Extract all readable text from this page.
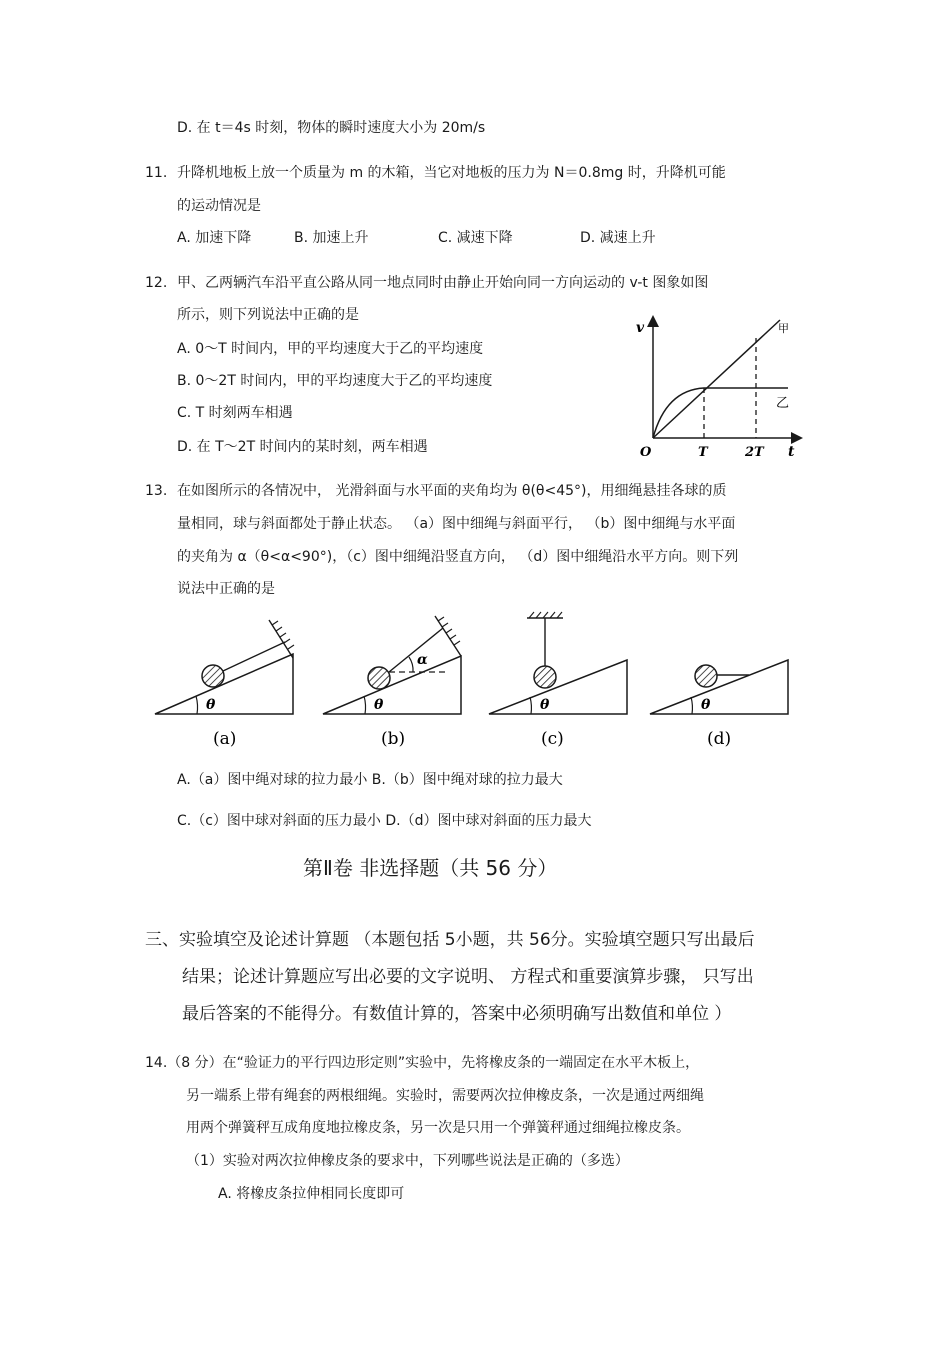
D. 在 t＝4s 时刻，物体的瞬时速度大小为 20m/s
11. 升降机地板上放一个质量为 m 的木箱，当它对地板的压力为 N＝0.8mg 时，升降机可能
的运动情况是
A. 加速下降	B. 加速上升	C. 减速下降	D. 减速上升
12. 甲、乙两辆汽车沿平直公路从同一地点同时由静止开始向同一方向运动的 v-t 图象如图
所示，则下列说法中正确的是
A. 0～T 时间内，甲的平均速度大于乙的平均速度
B. 0～2T 时间内，甲的平均速度大于乙的平均速度
C. T 时刻两车相遇
D. 在 T～2T 时间内的某时刻，两车相遇
v
t
O	T	2T
甲
乙
13. 在如图所示的各情况中， 光滑斜面与水平面的夹角均为 θ(θ<45°)，用细绳悬挂各球的质
量相同，球与斜面都处于静止状态。 （a）图中细绳与斜面平行， （b）图中细绳与水平面
的夹角为 α（θ<α<90°)，（c）图中细绳沿竖直方向， （d）图中细绳沿水平方向。则下列
说法中正确的是
θ
(a)
θ
α
(b)
θ
(c)
θ
(d)
A.（a）图中绳对球的拉力最小 B.（b）图中绳对球的拉力最大
C.（c）图中球对斜面的压力最小 D.（d）图中球对斜面的压力最大
第Ⅱ卷 非选择题（共 56 分）
三、实验填空及论述计算题 （本题包括 5小题，共 56分。实验填空题只写出最后
结果；论述计算题应写出必要的文字说明、 方程式和重要演算步骤， 只写出
最后答案的不能得分。有数值计算的，答案中必须明确写出数值和单位 ）
14.（8 分）在“验证力的平行四边形定则”实验中，先将橡皮条的一端固定在水平木板上，
另一端系上带有绳套的两根细绳。实验时，需要两次拉伸橡皮条，一次是通过两细绳
用两个弹簧秤互成角度地拉橡皮条，另一次是只用一个弹簧秤通过细绳拉橡皮条。
（1）实验对两次拉伸橡皮条的要求中，下列哪些说法是正确的（多选）
A. 将橡皮条拉伸相同长度即可
